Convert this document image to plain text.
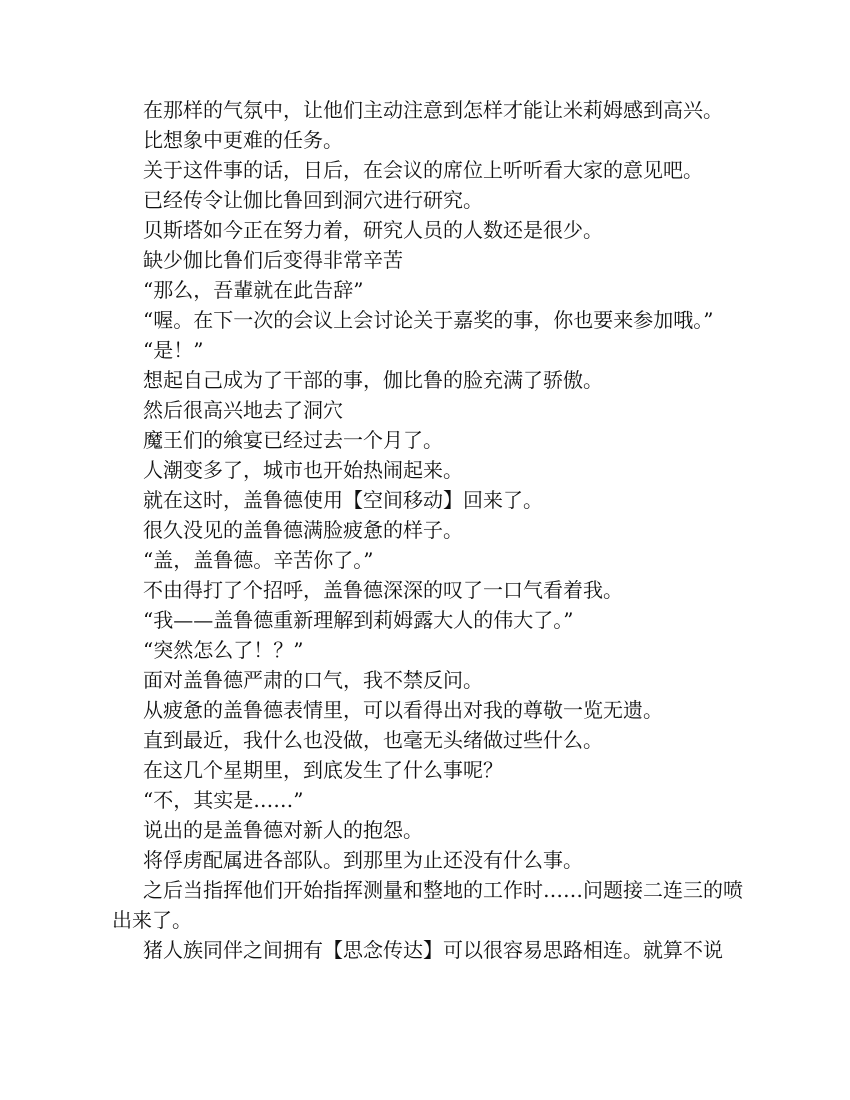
在那样的气氛中，让他们主动注意到怎样才能让米莉姆感到高兴。

比想象中更难的任务。

关于这件事的话，日后，在会议的席位上听听看大家的意见吧。

已经传令让伽比鲁回到洞穴进行研究。

贝斯塔如今正在努力着，研究人员的人数还是很少。

缺少伽比鲁们后变得非常辛苦

“那么，吾輩就在此告辞”

“喔。在下一次的会议上会讨论关于嘉奖的事，你也要来参加哦。”

“是！”

想起自己成为了干部的事，伽比鲁的脸充满了骄傲。

然后很高兴地去了洞穴

魔王们的飨宴已经过去一个月了。

人潮变多了，城市也开始热闹起来。

就在这时，盖鲁德使用【空间移动】回来了。

很久没见的盖鲁德满脸疲惫的样子。

“盖，盖鲁德。辛苦你了。”

不由得打了个招呼，盖鲁德深深的叹了一口气看着我。

“我——盖鲁德重新理解到莉姆露大人的伟大了。”

“突然怎么了！？”

面对盖鲁德严肃的口气，我不禁反问。

从疲惫的盖鲁德表情里，可以看得出对我的尊敬一览无遗。

直到最近，我什么也没做，也毫无头绪做过些什么。

在这几个星期里，到底发生了什么事呢？

“不，其实是……”

说出的是盖鲁德对新人的抱怨。

将俘虏配属进各部队。到那里为止还没有什么事。

之后当指挥他们开始指挥测量和整地的工作时……问题接二连三的喷出来了。

猪人族同伴之间拥有【思念传达】可以很容易思路相连。就算不说
